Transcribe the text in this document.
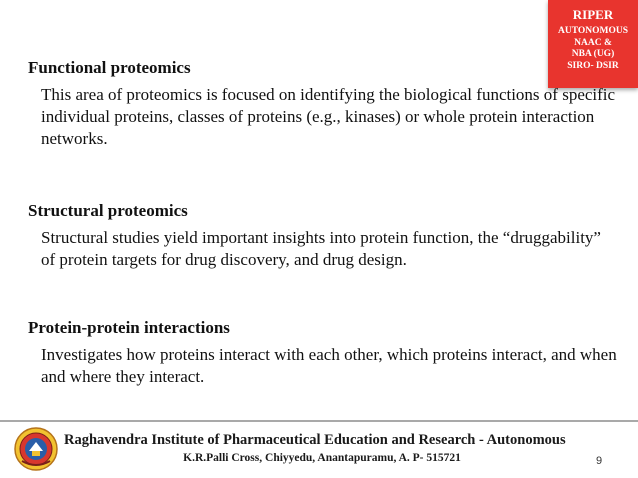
RIPER
AUTONOMOUS
NAAC &
NBA (UG)
SIRO- DSIR
Functional proteomics
This area of proteomics is focused on identifying the biological functions of specific individual proteins, classes of proteins (e.g., kinases) or whole protein interaction networks.
Structural proteomics
Structural studies yield important insights into protein function, the “druggability” of protein targets for drug discovery, and drug design.
Protein-protein interactions
Investigates how proteins interact with each other, which proteins interact, and when and where they interact.
Raghavendra Institute of Pharmaceutical Education and Research - Autonomous
K.R.Palli Cross, Chiyyedu, Anantapuramu, A. P- 515721	9
